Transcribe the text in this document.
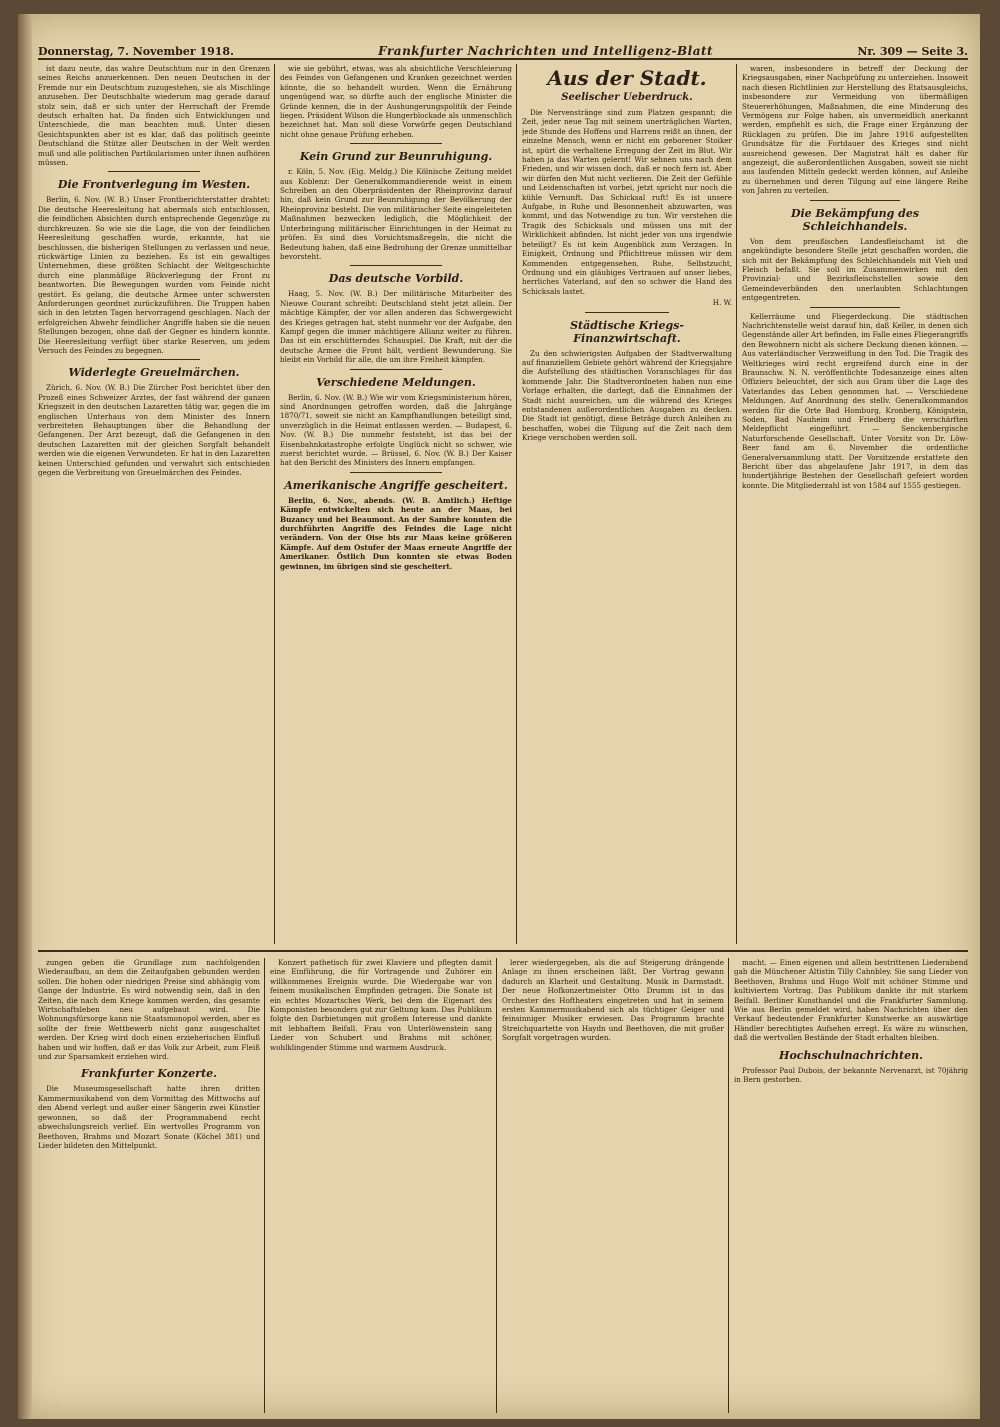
Donnerstag, 7. November 1918.	Frankfurter Nachrichten und Intelligenz-Blatt	Nr. 309 — Seite 3.

ist dazu neute, das wahre Deutschtum nur in den Grenzen seines Reichs anzuerkennen. Den neuen Deutschen in der Fremde nur ein Deutschtum zuzugestehen, sie als Mischlinge anzusehen. Der Deutschbalte wiederum mag gerade darauf stolz sein, daß er sich unter der Herrschaft der Fremde deutsch erhalten hat. Da finden sich Entwicklungen und Unterschiede, die man beachten muß. Unter diesen Gesichtspunkten aber ist es klar, daß das politisch geeinte Deutschland die Stütze aller Deutschen in der Welt werden muß und alle politischen Partikularismen unter ihnen aufhören müssen.

Die Frontverlegung im Westen.

Berlin, 6. Nov. (W. B.) Unser Frontberichterstatter drahtet: Die deutsche Heeresleitung hat abermals sich entschlossen, die feindlichen Absichten durch entsprechende Gegenzüge zu durchkreuzen. So wie sie die Lage, die von der feindlichen Heeresleitung geschaffen wurde, erkannte, hat sie beschlossen, die bisherigen Stellungen zu verlassen und neue, rückwärtige Linien zu beziehen. Es ist ein gewaltiges Unternehmen, diese größten Schlacht der Weltgeschichte durch eine planmäßige Rückverlegung der Front zu beantworten. Die Bewegungen wurden vom Feinde nicht gestört. Es gelang, die deutsche Armee unter schwersten Anforderungen geordnet zurückzuführen. Die Truppen haben sich in den letzten Tagen hervorragend geschlagen. Nach der erfolgreichen Abwehr feindlicher Angriffe haben sie die neuen Stellungen bezogen, ohne daß der Gegner es hindern konnte. Die Heeresleitung verfügt über starke Reserven, um jedem Versuch des Feindes zu begegnen.

Widerlegte Greuelmärchen.

Zürich, 6. Nov. (W. B.) Die Zürcher Post berichtet über den Prozeß eines Schweizer Arztes, der fast während der ganzen Kriegszeit in den deutschen Lazaretten tätig war, gegen die im englischen Unterhaus von dem Minister des Innern verbreiteten Behauptungen über die Behandlung der Gefangenen. Der Arzt bezeugt, daß die Gefangenen in den deutschen Lazaretten mit der gleichen Sorgfalt behandelt werden wie die eigenen Verwundeten. Er hat in den Lazaretten keinen Unterschied gefunden und verwahrt sich entschieden gegen die Verbreitung von Greuelmärchen des Feindes.

wie sie gebührt, etwas, was als absichtliche Verschleierung des Feindes von Gefangenen und Kranken gezeichnet werden könnte, die so behandelt wurden. Wenn die Ernährung ungenügend war, so dürfte auch der englische Minister die Gründe kennen, die in der Aushungerungspolitik der Feinde liegen. Präsident Wilson die Hungerblockade als unmenschlich bezeichnet hat. Man soll diese Vorwürfe gegen Deutschland nicht ohne genaue Prüfung erheben.

Kein Grund zur Beunruhigung.

r. Köln, 5. Nov. (Eig. Meldg.) Die Kölnische Zeitung meldet aus Koblenz: Der Generalkommandierende weist in einem Schreiben an den Oberpräsidenten der Rheinprovinz darauf hin, daß kein Grund zur Beunruhigung der Bevölkerung der Rheinprovinz besteht. Die von militärischer Seite eingeleiteten Maßnahmen bezwecken lediglich, die Möglichkeit der Unterbringung militärischer Einrichtungen in der Heimat zu prüfen. Es sind dies Vorsichtsmaßregeln, die nicht die Bedeutung haben, daß eine Bedrohung der Grenze unmittelbar bevorsteht.

Das deutsche Vorbild.

Haag, 5. Nov. (W. B.) Der militärische Mitarbeiter des Nieuwe Courant schreibt: Deutschland steht jetzt allein. Der mächtige Kämpfer, der vor allen anderen das Schwergewicht des Krieges getragen hat, steht nunmehr vor der Aufgabe, den Kampf gegen die immer mächtigere Allianz weiter zu führen. Das ist ein erschütterndes Schauspiel. Die Kraft, mit der die deutsche Armee die Front hält, verdient Bewunderung. Sie bleibt ein Vorbild für alle, die um ihre Freiheit kämpfen.

Verschiedene Meldungen.

Berlin, 6. Nov. (W. B.) Wie wir vom Kriegsministerium hören, sind Anordnungen getroffen worden, daß die Jahrgänge 1870/71, soweit sie nicht an Kampfhandlungen beteiligt sind, unverzüglich in die Heimat entlassen werden. — Budapest, 6. Nov. (W. B.) Die nunmehr feststeht, ist das bei der Eisenbahnkatastrophe erfolgte Unglück nicht so schwer, wie zuerst berichtet wurde. — Brüssel, 6. Nov. (W. B.) Der Kaiser hat den Bericht des Ministers des Innern empfangen.

Amerikanische Angriffe gescheitert.

Berlin, 6. Nov., abends. (W. B. Amtlich.) Heftige Kämpfe entwickelten sich heute an der Maas, bei Buzancy und bei Beaumont. An der Sambre konnten die durchführten Angriffe des Feindes die Lage nicht verändern. Von der Oise bis zur Maas keine größeren Kämpfe. Auf dem Ostufer der Maas erneute Angriffe der Amerikaner. Östlich Dun konnten sie etwas Boden gewinnen, im übrigen sind sie gescheitert.

Aus der Stadt.
Seelischer Ueberdruck.

Die Nervenstränge sind zum Platzen gespannt; die Zeit, jeder neue Tag mit seinem unerträglichen Warten, jede Stunde des Hoffens und Harrens reißt an ihnen, der einzelne Mensch, wenn er nicht ein geborener Stoiker ist, spürt die verhaltene Erregung der Zeit im Blut. Wir haben ja das Warten gelernt! Wir sehnen uns nach dem Frieden, und wir wissen doch, daß er noch fern ist. Aber wir dürfen den Mut nicht verlieren. Die Zeit der Gefühle und Leidenschaften ist vorbei, jetzt spricht nur noch die kühle Vernunft. Das Schicksal ruft! Es ist unsere Aufgabe, in Ruhe und Besonnenheit abzuwarten, was kommt, und das Notwendige zu tun. Wir verstehen die Tragik des Schicksals und müssen uns mit der Wirklichkeit abfinden. Ist nicht jeder von uns irgendwie beteiligt? Es ist kein Augenblick zum Verzagen. In Einigkeit, Ordnung und Pflichttreue müssen wir dem Kommenden entgegensehen. Ruhe, Selbstzucht, Ordnung und ein gläubiges Vertrauen auf unser liebes, herrliches Vaterland, auf den so schwer die Hand des Schicksals lastet.

H. W.

Städtische Kriegs-Finanzwirtschaft.

Zu den schwierigsten Aufgaben der Stadtverwaltung auf finanziellem Gebiete gehört während der Kriegsjahre die Aufstellung des städtischen Voranschlages für das kommende Jahr. Die Stadtverordneten haben nun eine Vorlage erhalten, die darlegt, daß die Einnahmen der Stadt nicht ausreichen, um die während des Krieges entstandenen außerordentlichen Ausgaben zu decken. Die Stadt ist genötigt, diese Beträge durch Anleihen zu beschaffen, wobei die Tilgung auf die Zeit nach dem Kriege verschoben werden soll.

waren, insbesondere in betreff der Deckung der Kriegsausgaben, einer Nachprüfung zu unterziehen. Insoweit nach diesen Richtlinien zur Herstellung des Etatsausgleichs, insbesondere zur Vermeidung von übermäßigen Steuererhöhungen, Maßnahmen, die eine Minderung des Vermögens zur Folge haben, als unvermeidlich anerkannt werden, empfiehlt es sich, die Frage einer Ergänzung der Rücklagen zu prüfen. Die im Jahre 1916 aufgestellten Grundsätze für die Fortdauer des Krieges sind nicht ausreichend gewesen. Der Magistrat hält es daher für angezeigt, die außerordentlichen Ausgaben, soweit sie nicht aus laufenden Mitteln gedeckt werden können, auf Anleihe zu übernehmen und deren Tilgung auf eine längere Reihe von Jahren zu verteilen.

Die Bekämpfung des Schleichhandels.

Von dem preußischen Landesfleischamt ist die angekündigte besondere Stelle jetzt geschaffen worden, die sich mit der Bekämpfung des Schleichhandels mit Vieh und Fleisch befaßt. Sie soll im Zusammenwirken mit den Provinzial- und Bezirksfleischstellen sowie den Gemeindeverbänden den unerlaubten Schlachtungen entgegentreten.

Kellerräume und Fliegerdeckung. Die städtischen Nachrichtenstelle weist darauf hin, daß Keller, in denen sich Gegenstände aller Art befinden, im Falle eines Fliegerangriffs den Bewohnern nicht als sichere Deckung dienen können. — Aus vaterländischer Verzweiflung in den Tod. Die Tragik des Weltkrieges wird recht ergreifend durch eine in der Braunschw. N. N. veröffentlichte Todesanzeige eines alten Offiziers beleuchtet, der sich aus Gram über die Lage des Vaterlandes das Leben genommen hat. — Verschiedene Meldungen. Auf Anordnung des stellv. Generalkommandos werden für die Orte Bad Homburg, Kronberg, Königstein, Soden, Bad Nauheim und Friedberg die verschärften Meldepflicht eingeführt. — Senckenbergische Naturforschende Gesellschaft. Unter Vorsitz von Dr. Löw-Beer fand am 6. November die ordentliche Generalversammlung statt. Der Vorsitzende erstattete den Bericht über das abgelaufene Jahr 1917, in dem das hundertjährige Bestehen der Gesellschaft gefeiert worden konnte. Die Mitgliederzahl ist von 1584 auf 1555 gestiegen.

zungen geben die Grundlage zum nachfolgenden Wiederaufbau, an dem die Zeitaufgaben gebunden werden sollen. Die hohen oder niedrigen Preise sind abhängig vom Gange der Industrie. Es wird notwendig sein, daß in den Zeiten, die nach dem Kriege kommen werden, das gesamte Wirtschaftsleben neu aufgebaut wird. Die Wohnungsfürsorge kann nie Staatsmonopol werden, aber es sollte der freie Wettbewerb nicht ganz ausgeschaltet werden. Der Krieg wird doch einen erzieherischen Einfluß haben und wir hoffen, daß er das Volk zur Arbeit, zum Fleiß und zur Sparsamkeit erziehen wird.

Frankfurter Konzerte.

Die Museumsgesellschaft hatte ihren dritten Kammermusikabend von dem Vormittag des Mittwochs auf den Abend verlegt und außer einer Sängerin zwei Künstler gewonnen, so daß der Programmabend recht abwechslungsreich verlief. Ein wertvolles Programm von Beethoven, Brahms und Mozart Sonate (Köchel 381) und Lieder bildeten den Mittelpunkt.

Konzert pathetisch für zwei Klaviere und pflegten damit eine Einführung, die für Vortragende und Zuhörer ein willkommenes Ereignis wurde. Die Wiedergabe war von feinem musikalischen Empfinden getragen. Die Sonate ist ein echtes Mozartsches Werk, bei dem die Eigenart des Komponisten besonders gut zur Geltung kam. Das Publikum folgte den Darbietungen mit großem Interesse und dankte mit lebhaftem Beifall. Frau von Unterlöwenstein sang Lieder von Schubert und Brahms mit schöner, wohlklingender Stimme und warmem Ausdruck.

lerer wiedergegeben, als die auf Steigerung drängende Anlage zu ihnen erscheinen läßt. Der Vortrag gewann dadurch an Klarheit und Gestaltung. Musik in Darmstadt. Der neue Hofkonzertmeister Otto Drumm ist in das Orchester des Hoftheaters eingetreten und hat in seinem ersten Kammermusikabend sich als tüchtiger Geiger und feinsinniger Musiker erwiesen. Das Programm brachte Streichquartette von Haydn und Beethoven, die mit großer Sorgfalt vorgetragen wurden.

macht. — Einen eigenen und allein bestrittenen Liederabend gab die Münchener Altistin Tilly Cahnbley. Sie sang Lieder von Beethoven, Brahms und Hugo Wolf mit schöner Stimme und kultiviertem Vortrag. Das Publikum dankte ihr mit starkem Beifall. Berliner Kunsthandel und die Frankfurter Sammlung. Wie aus Berlin gemeldet wird, haben Nachrichten über den Verkauf bedeutender Frankfurter Kunstwerke an auswärtige Händler berechtigtes Aufsehen erregt. Es wäre zu wünschen, daß die wertvollen Bestände der Stadt erhalten bleiben.

Hochschulnachrichten.

Professor Paul Dubois, der bekannte Nervenarzt, ist 70jährig in Bern gestorben.
